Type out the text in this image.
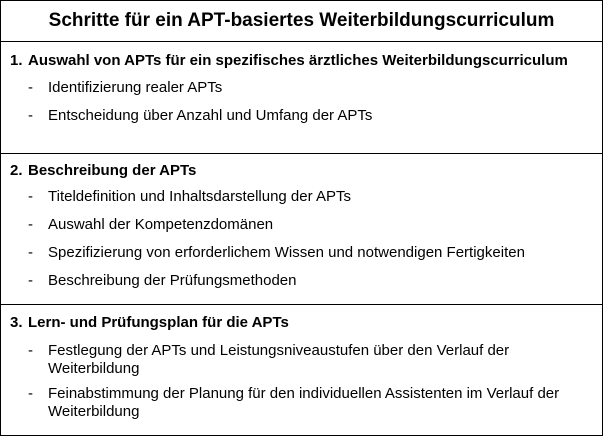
Schritte für ein APT-basiertes Weiterbildungscurriculum
1. Auswahl von APTs für ein spezifisches ärztliches Weiterbildungscurriculum
- Identifizierung realer APTs
- Entscheidung über Anzahl und Umfang der APTs
2. Beschreibung der APTs
- Titeldefinition und Inhaltsdarstellung der APTs
- Auswahl der Kompetenzdomänen
- Spezifizierung von erforderlichem Wissen und notwendigen Fertigkeiten
- Beschreibung der Prüfungsmethoden
3. Lern- und Prüfungsplan für die APTs
- Festlegung der APTs und Leistungsniveaustufen über den Verlauf der Weiterbildung
- Feinabstimmung der Planung für den individuellen Assistenten im Verlauf der Weiterbildung
